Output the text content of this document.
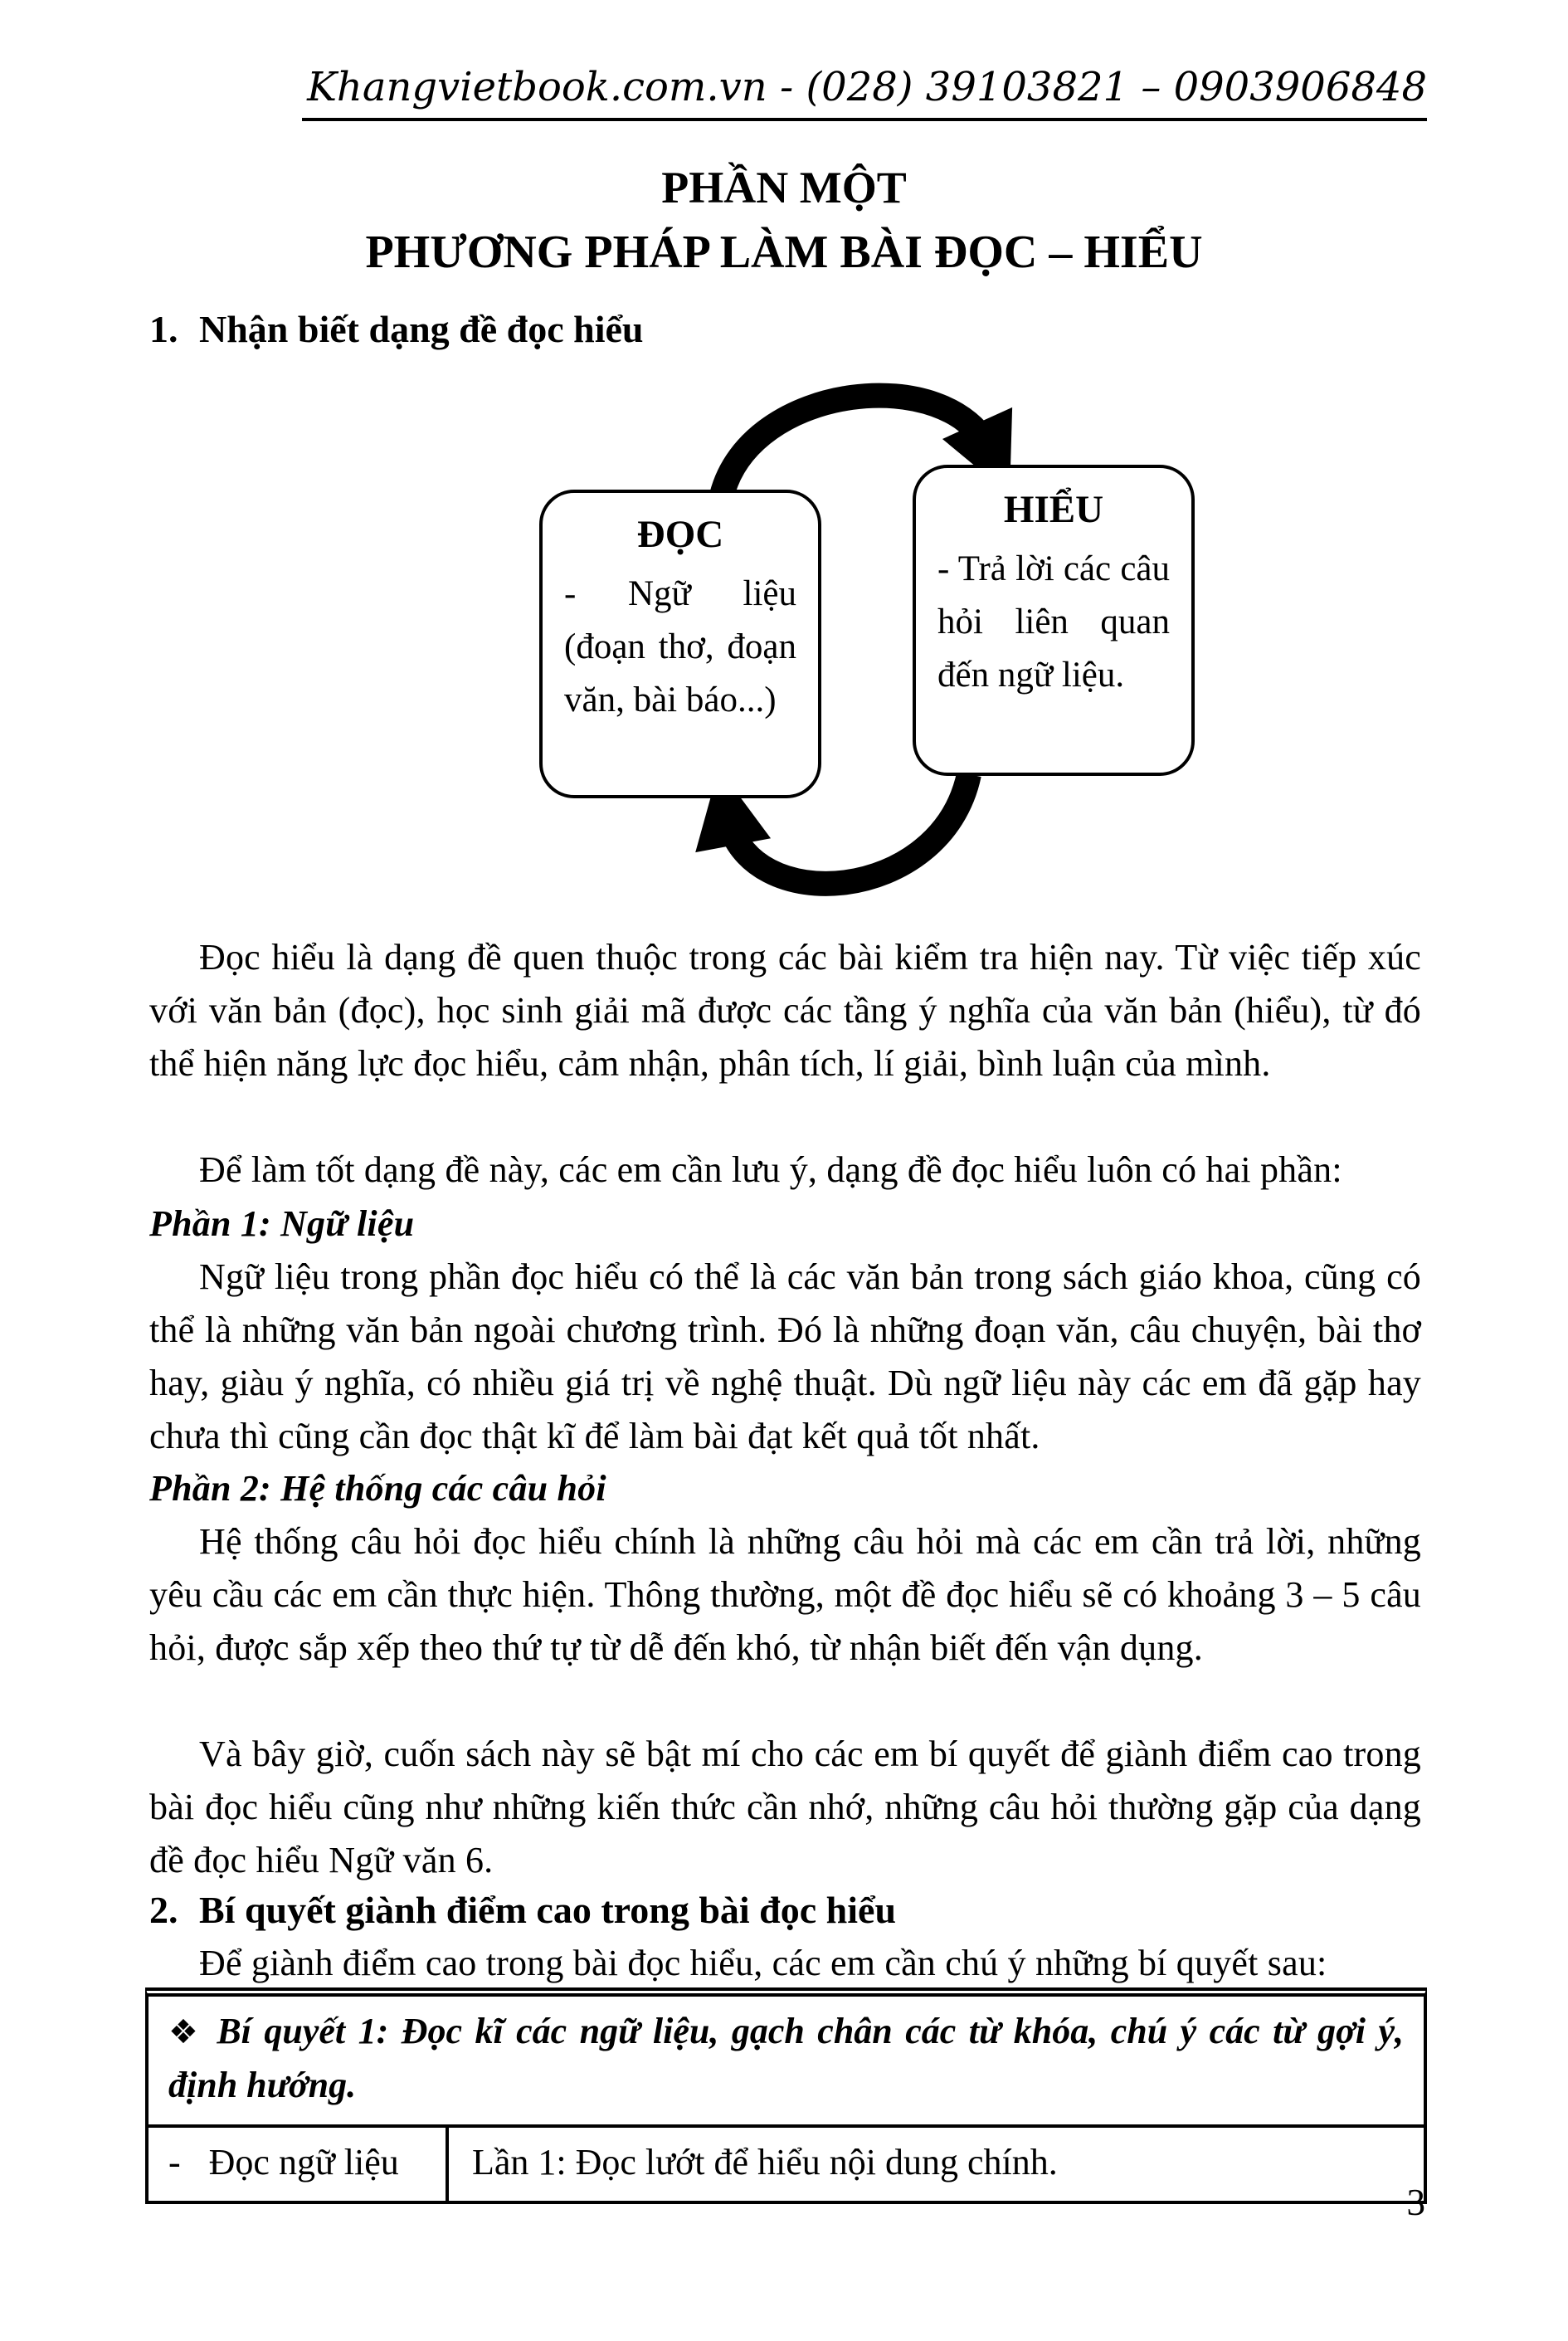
Khangvietbook.com.vn - (028) 39103821 – 0903906848
PHẦN MỘT
PHƯƠNG PHÁP LÀM BÀI ĐỌC – HIỂU
1. Nhận biết dạng đề đọc hiểu
ĐỌC
- Ngữ liệu (đoạn thơ, đoạn văn, bài báo...)
HIỂU
- Trả lời các câu hỏi liên quan đến ngữ liệu.
Đọc hiểu là dạng đề quen thuộc trong các bài kiểm tra hiện nay. Từ việc tiếp xúc với văn bản (đọc), học sinh giải mã được các tầng ý nghĩa của văn bản (hiểu), từ đó thể hiện năng lực đọc hiểu, cảm nhận, phân tích, lí giải, bình luận của mình.
Để làm tốt dạng đề này, các em cần lưu ý, dạng đề đọc hiểu luôn có hai phần:
Phần 1: Ngữ liệu
Ngữ liệu trong phần đọc hiểu có thể là các văn bản trong sách giáo khoa, cũng có thể là những văn bản ngoài chương trình. Đó là những đoạn văn, câu chuyện, bài thơ hay, giàu ý nghĩa, có nhiều giá trị về nghệ thuật. Dù ngữ liệu này các em đã gặp hay chưa thì cũng cần đọc thật kĩ để làm bài đạt kết quả tốt nhất.
Phần 2: Hệ thống các câu hỏi
Hệ thống câu hỏi đọc hiểu chính là những câu hỏi mà các em cần trả lời, những yêu cầu các em cần thực hiện. Thông thường, một đề đọc hiểu sẽ có khoảng 3 – 5 câu hỏi, được sắp xếp theo thứ tự từ dễ đến khó, từ nhận biết đến vận dụng.
Và bây giờ, cuốn sách này sẽ bật mí cho các em bí quyết để giành điểm cao trong bài đọc hiểu cũng như những kiến thức cần nhớ, những câu hỏi thường gặp của dạng đề đọc hiểu Ngữ văn 6.
2. Bí quyết giành điểm cao trong bài đọc hiểu
Để giành điểm cao trong bài đọc hiểu, các em cần chú ý những bí quyết sau:
❖ Bí quyết 1: Đọc kĩ các ngữ liệu, gạch chân các từ khóa, chú ý các từ gợi ý, định hướng.
- Đọc ngữ liệu	Lần 1: Đọc lướt để hiểu nội dung chính.
3
